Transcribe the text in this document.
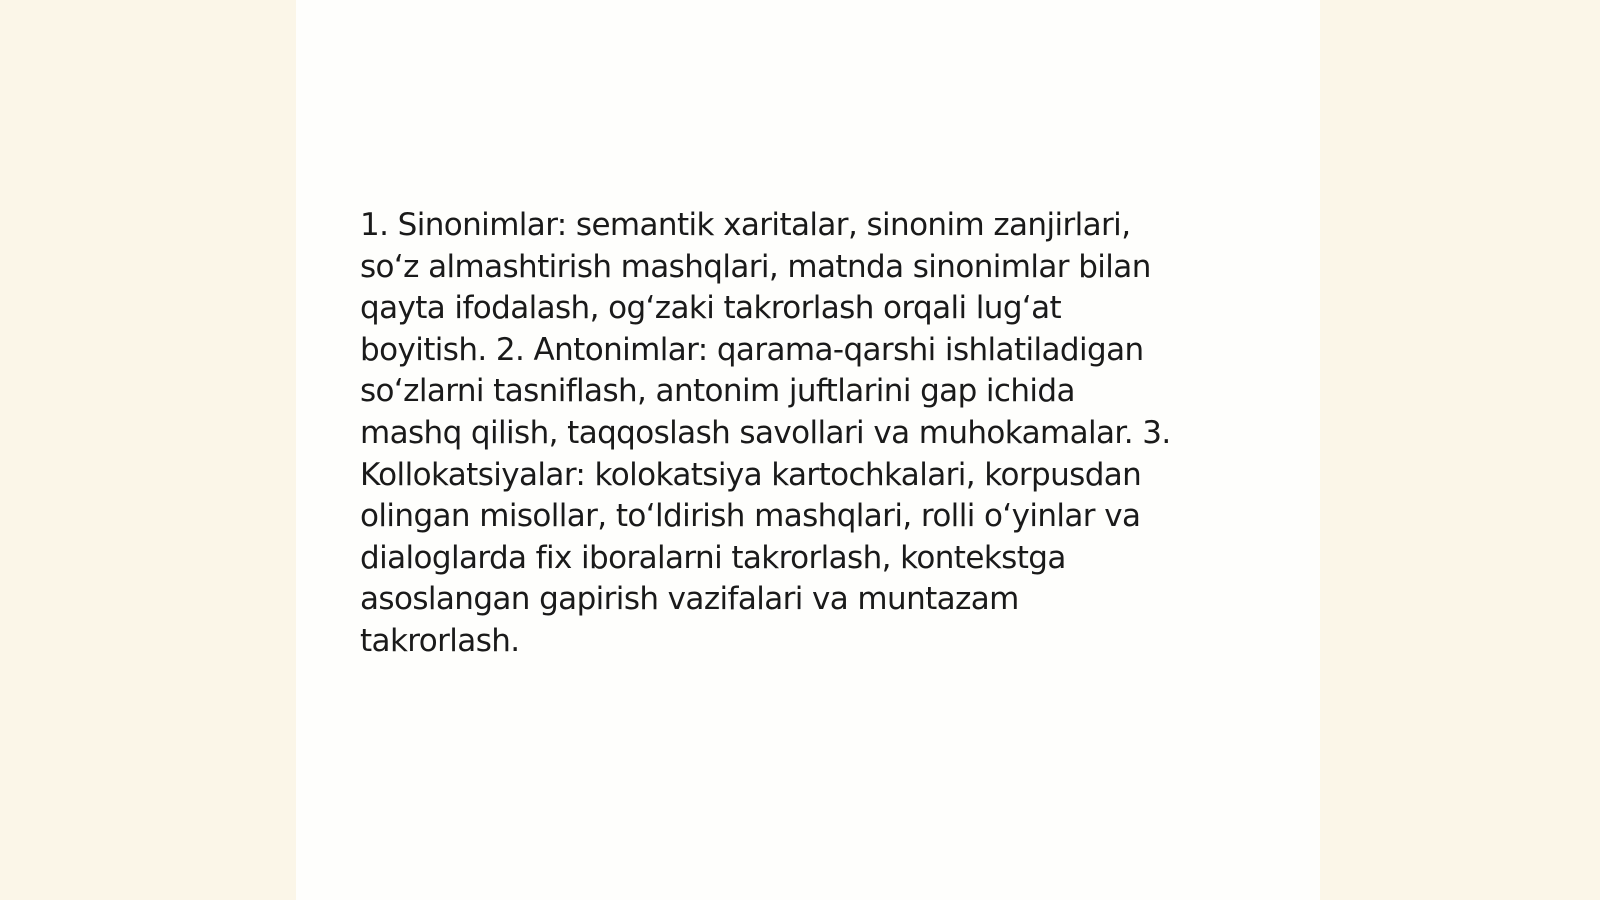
1. Sinonimlar: semantik xaritalar, sinonim zanjirlari,
so‘z almashtirish mashqlari, matnda sinonimlar bilan
qayta ifodalash, og‘zaki takrorlash orqali lug‘at
boyitish. 2. Antonimlar: qarama-qarshi ishlatiladigan
so‘zlarni tasniflash, antonim juftlarini gap ichida
mashq qilish, taqqoslash savollari va muhokamalar. 3.
Kollokatsiyalar: kolokatsiya kartochkalari, korpusdan
olingan misollar, to‘ldirish mashqlari, rolli o‘yinlar va
dialoglarda fix iboralarni takrorlash, kontekstga
asoslangan gapirish vazifalari va muntazam
takrorlash.
